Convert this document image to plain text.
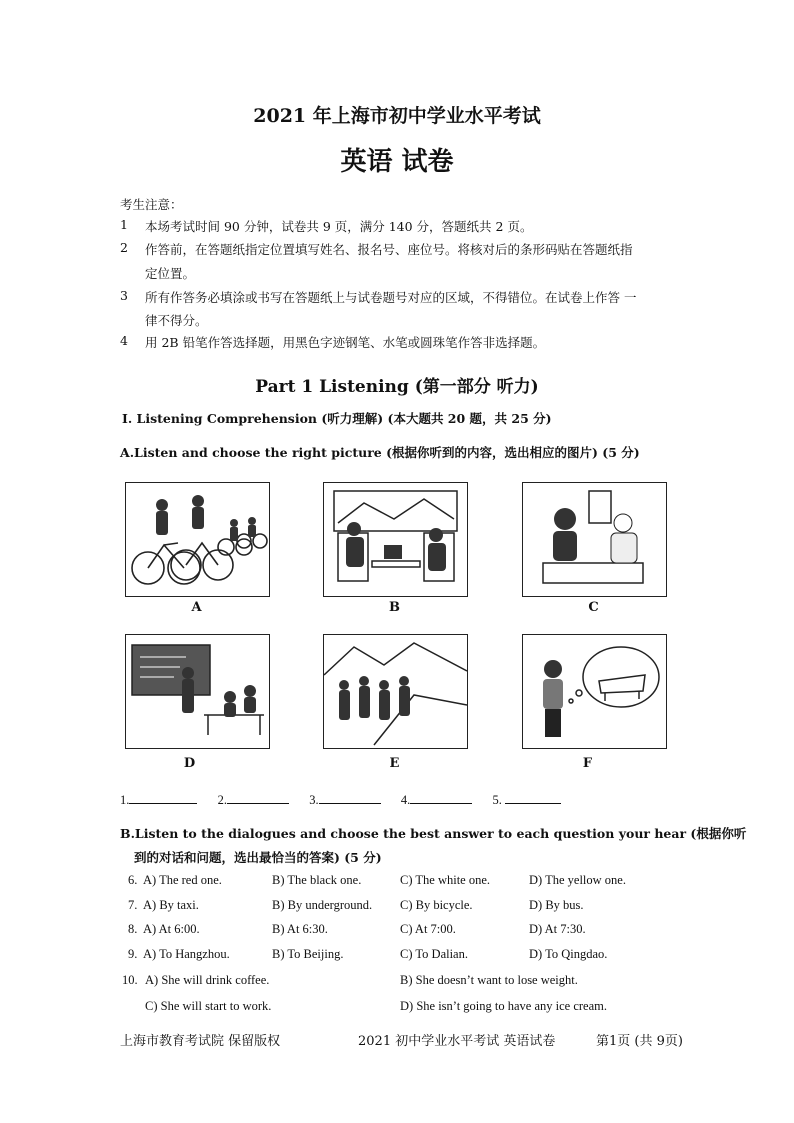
2021 年上海市初中学业水平考试
英语 试卷
考生注意：
1 本场考试时间 90 分钟，试卷共 9 页，满分 140 分，答题纸共 2 页。
2 作答前，在答题纸指定位置填写姓名、报名号、座位号。将核对后的条形码贴在答题纸指
定位置。
3 所有作答务必填涂或书写在答题纸上与试卷题号对应的区域，不得错位。在试卷上作答 一
律不得分。
4 用 2B 铅笔作答选择题，用黑色字迹钢笔、水笔或圆珠笔作答非选择题。
Part 1 Listening (第一部分 听力)
I. Listening Comprehension (听力理解) (本大题共 20 题，共 25 分)
A.Listen and choose the right picture (根据你听到的内容，选出相应的图片) (5 分)
A	B	C
D	E	F
1.	2.	3.	4.	5.
B.Listen to the dialogues and choose the best answer to each question your hear (根据你听
到的对话和问题，选出最恰当的答案) (5 分)
6. A) The red one.	B) The black one.	C) The white one.	D) The yellow one.
7. A) By taxi.	B) By underground. C) By bicycle.	D) By bus.
8. A) At 6:00.	B) At 6:30.	C) At 7:00.	D) At 7:30.
9. A) To Hangzhou.	B) To Beijing.	C) To Dalian.	D) To Qingdao.
10. A) She will drink coffee.	B) She doesn’t want to lose weight.
C) She will start to work.	D) She isn’t going to have any ice cream.
上海市教育考试院 保留版权	2021 初中学业水平考试 英语试卷	第1页 (共 9页)
